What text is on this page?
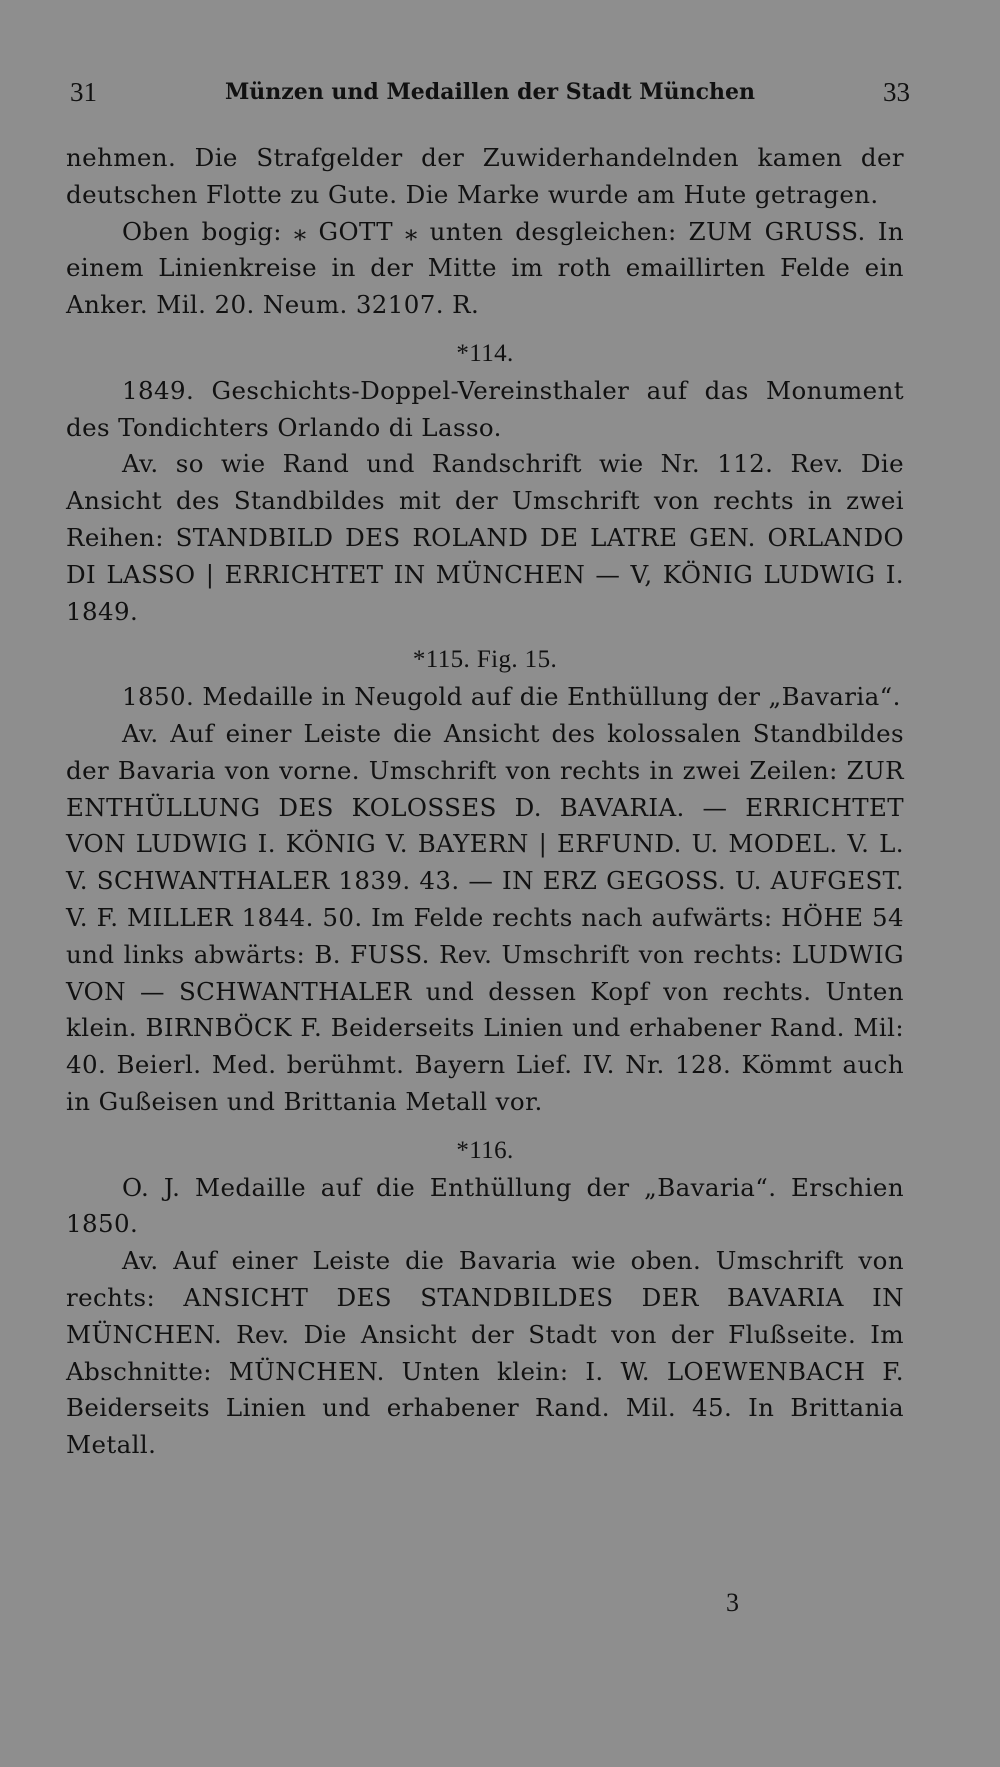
31	Münzen und Medaillen der Stadt München	33

nehmen. Die Strafgelder der Zuwiderhandelnden kamen der deutschen Flotte zu Gute. Die Marke wurde am Hute getragen.

Oben bogig: ⁎ GOTT ⁎ unten desgleichen: ZUM GRUSS. In einem Linienkreise in der Mitte im roth emaillirten Felde ein Anker. Mil. 20. Neum. 32107. R.

*114.

1849. Geschichts-Doppel-Vereinsthaler auf das Monument des Tondichters Orlando di Lasso.

Av. so wie Rand und Randschrift wie Nr. 112. Rev. Die Ansicht des Standbildes mit der Umschrift von rechts in zwei Reihen: STANDBILD DES ROLAND DE LATRE GEN. ORLANDO DI LASSO | ERRICHTET IN MÜNCHEN — V, KÖNIG LUDWIG I. 1849.

*115. Fig. 15.

1850. Medaille in Neugold auf die Enthüllung der „Bavaria“.

Av. Auf einer Leiste die Ansicht des kolossalen Standbildes der Bavaria von vorne. Umschrift von rechts in zwei Zeilen: ZUR ENTHÜLLUNG DES KOLOSSES D. BAVARIA. — ERRICHTET VON LUDWIG I. KÖNIG V. BAYERN | ERFUND. U. MODEL. V. L. V. SCHWANTHALER 1839. 43. — IN ERZ GEGOSS. U. AUFGEST. V. F. MILLER 1844. 50. Im Felde rechts nach aufwärts: HÖHE 54 und links abwärts: B. FUSS. Rev. Umschrift von rechts: LUDWIG VON — SCHWANTHALER und dessen Kopf von rechts. Unten klein. BIRNBÖCK F. Beiderseits Linien und erhabener Rand. Mil: 40. Beierl. Med. berühmt. Bayern Lief. IV. Nr. 128. Kömmt auch in Gußeisen und Brittania Metall vor.

*116.

O. J. Medaille auf die Enthüllung der „Bavaria“. Erschien 1850.

Av. Auf einer Leiste die Bavaria wie oben. Umschrift von rechts: ANSICHT DES STANDBILDES DER BAVARIA IN MÜNCHEN. Rev. Die Ansicht der Stadt von der Flußseite. Im Abschnitte: MÜNCHEN. Unten klein: I. W. LOEWENBACH F. Beiderseits Linien und erhabener Rand. Mil. 45. In Brittania Metall.

3
